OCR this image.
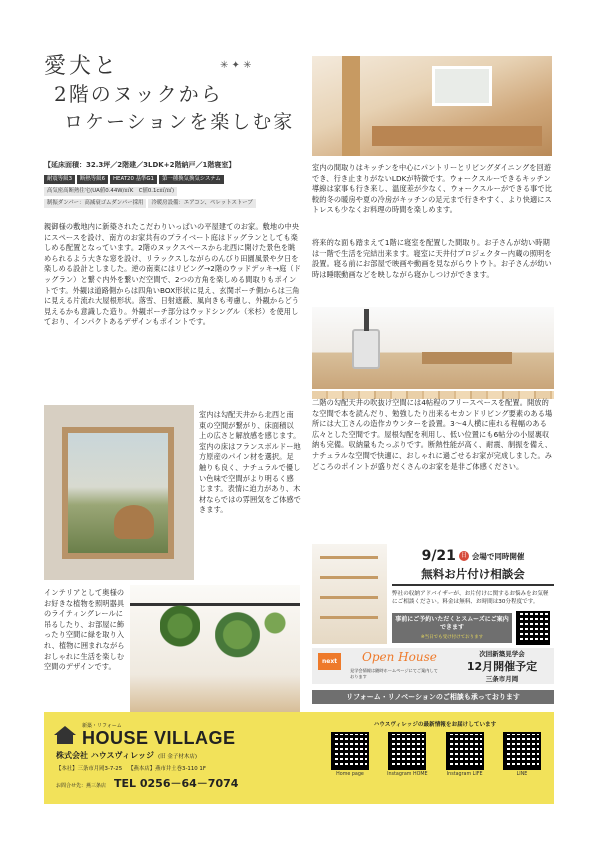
愛犬と
2階のヌックから
ロケーションを楽しむ家
✳ ✦ ✳
【延床面積：32.3坪／2階建／3LDK+2階納戸／1階寝室】
耐震等級3	断熱等級6	HEAT20 基準G1	第一種換気換気システム
高気密高断熱住宅(UA値0.44W/㎡K　C値0.1c㎡/㎡)
制振ダンパー：高減衰ゴムダンパー採用	冷暖房設備：エアコン、ペレットストーブ
親御様の敷地内に新築されたこだわりいっぱいの平屋建てのお家。敷地の中央にスペースを設け、南方のお家共有のプライベート庭はドッグランとしても楽しめる配置となっています。2階のヌックスペースから北西に開けた景色を眺められるよう大きな窓を設け、リラックスしながらのんびり田園風景や夕日を楽しめる設計としました。逆の南東にはリビング→2階のウッドデッキ→庭（ドッグラン）と繋ぐ内外を繋いだ空間で、2つの方角を楽しめる間取りもポイントです。外観は道路側からは四角いBOX形状に見え、玄関ポーチ側からは三角に見える片流れ大屋根形状。落雪、日射遮蔽、風向きも考慮し、外観からどう見えるかも意識した造り。外観ポーチ部分はウッドシングル（米杉）を使用しており、インパクトあるデザインもポイントです。
室内は勾配天井から北西と南東の空間が繋がり、床面積以上の広さと解放感を感じます。室内の床はフランスボルドー地方原産のパイン材を選択。足触りも良く、ナチュラルで優しい色味で空間がより明るく感じます。表情に迫力があり、木材ならではの雰囲気をご体感できます。
インテリアとして奥様のお好きな植物を照明器具のライティングレールに吊るしたり、お部屋に飾ったり空間に緑を取り入れ、植物に囲まれながらおしゃれに生活を楽しむ空間のデザインです。
室内の間取りはキッチンを中心にパントリーとリビングダイニングを回遊でき、行き止まりがないLDKが特徴です。ウォークスルーできるキッチン導線は家事も行き来し、温度差が少なく、ウォークスルーができる事で比較的冬の暖房や夏の冷房がキッチンの足元まで行きやすく、より快適にストレスも少なくお料理の時間を楽しめます。
将来的な面も踏まえて1階に寝室を配置した間取り。お子さんが幼い時期は一階で生活を完結出来ます。寝室に天井付プロジェクター内蔵の照明を設置。寝る前にお部屋で映画や動画を見ながらウトウト。お子さんが幼い時は睡眠動画などを映しながら寝かしつけができます。
二階の勾配天井の吹抜け空間には4帖程のフリースペースを配置。開放的な空間で本を読んだり、勉強したり出来るセカンドリビング要素のある場所には大工さんの造作カウンターを設置。3～4人横に座れる程幅のある広々とした空間です。屋根勾配を利用し、低い位置にも6帖分の小屋裏収納も完備。収納量もたっぷりです。断熱性能が高く、耐震、制振を備え、ナチュラルな空間で快適に、おしゃれに過ごせるお家が完成しました。みどころのポイントが盛りだくさんのお家を是非ご体感ください。
9/21 日 会場で同時開催
無料お片付け相談会
弊社の収納アドバイザーが、お片付けに関するお悩みをお気軽にご相談ください。料金は無料、お時間は30分程度です。
事前にご予約いただくとスムーズにご案内できます
※当日でも受け付けております
next	Open House
見学会情報は随時ホームページにてご案内しております
次回新築見学会
12月開催予定
三条市月岡
リフォーム・リノベーションのご相談も承っております
新築・リフォーム
HOUSE VILLAGE
株式会社 ハウスヴィレッジ (旧 金子材木店)
【本社】三条市月岡3-7-25 【燕本店】燕市井土巻3-110 1F
お問合せ先：燕三条店 TEL 0256－64－7074
ハウスヴィレッジの最新情報をお届けしています
Home page	Instagram HOME	Instagram LIFE	LINE
